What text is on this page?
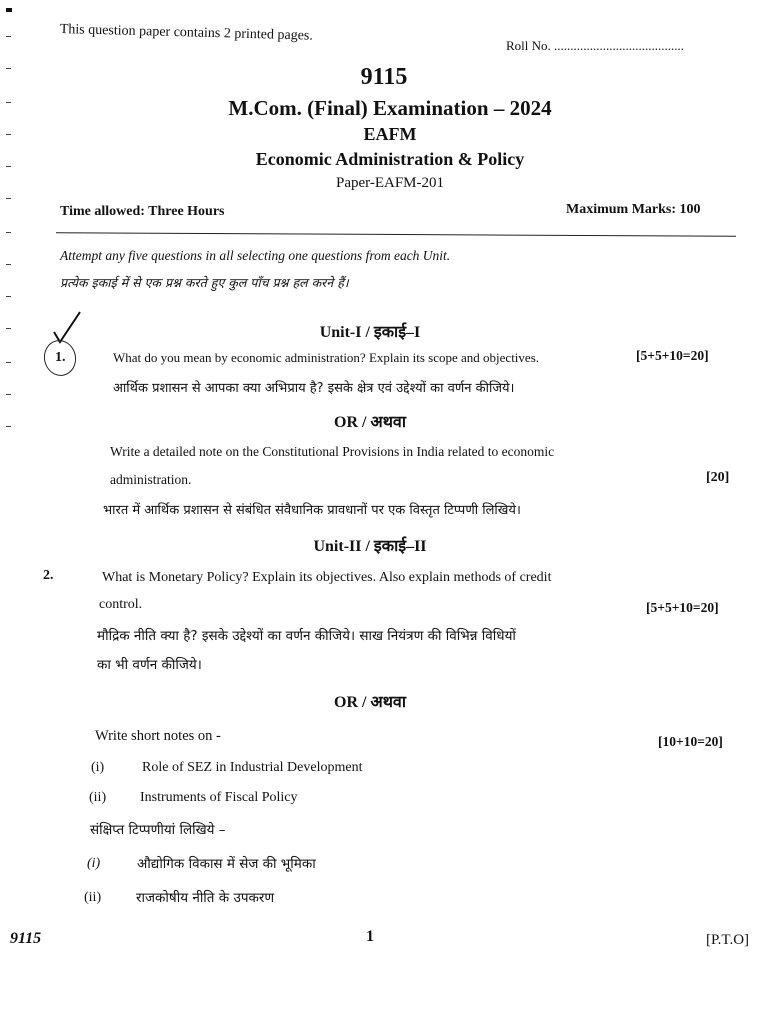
This question paper contains 2 printed pages.
Roll No. ........................................
9115
M.Com. (Final) Examination – 2024
EAFM
Economic Administration & Policy
Paper-EAFM-201
Time allowed: Three Hours	Maximum Marks: 100
Attempt any five questions in all selecting one questions from each Unit.
प्रत्येक इकाई में से एक प्रश्न करते हुए कुल पाँच प्रश्न हल करने हैं।
Unit-I / इकाई–I
1.	What do you mean by economic administration? Explain its scope and objectives.	[5+5+10=20]
आर्थिक प्रशासन से आपका क्या अभिप्राय है? इसके क्षेत्र एवं उद्देश्यों का वर्णन कीजिये।
OR / अथवा
Write a detailed note on the Constitutional Provisions in India related to economic
administration.	[20]
भारत में आर्थिक प्रशासन से संबंधित संवैधानिक प्रावधानों पर एक विस्तृत टिप्पणी लिखिये।
Unit-II / इकाई–II
2.	What is Monetary Policy? Explain its objectives. Also explain methods of credit
control.	[5+5+10=20]
मौद्रिक नीति क्या है? इसके उद्देश्यों का वर्णन कीजिये। साख नियंत्रण की विभिन्न विधियों
का भी वर्णन कीजिये।
OR / अथवा
Write short notes on -	[10+10=20]
(i)	Role of SEZ in Industrial Development
(ii) Instruments of Fiscal Policy
संक्षिप्त टिप्पणीयां लिखिये –
(i)	औद्योगिक विकास में सेज की भूमिका
(ii)	राजकोषीय नीति के उपकरण
9115	1	[P.T.O]
